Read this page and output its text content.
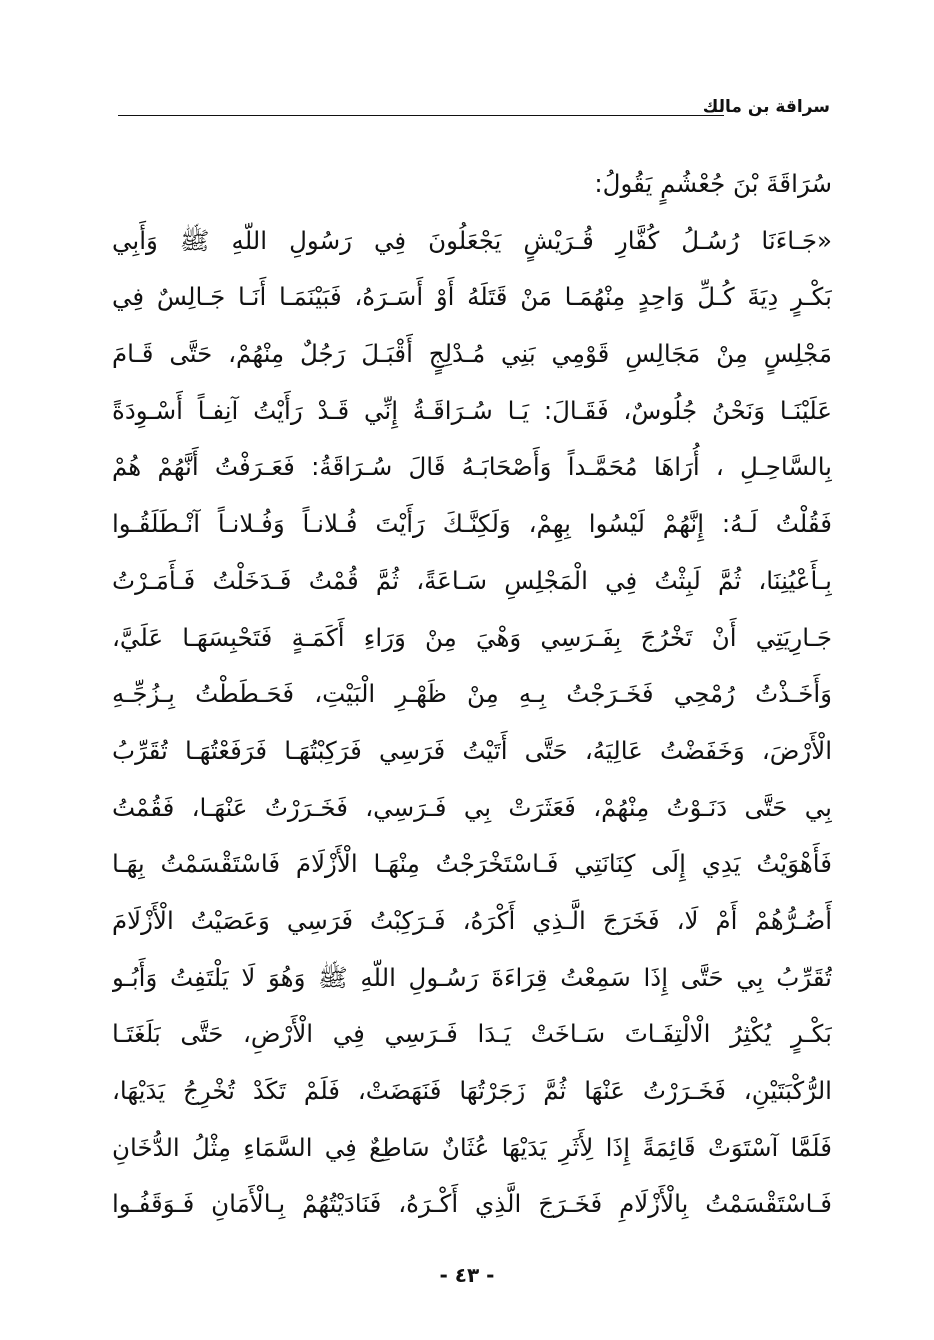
سراقة بن مالك
سُرَاقَةَ بْنَ جُعْشُمٍ يَقُولُ:
«جَـاءَنَا رُسُـلُ كُفَّارِ قُـرَيْشٍ يَجْعَلُونَ فِي رَسُولِ اللّهِ ﷺ وَأَبِي
بَكْـرٍ دِيَةَ كُـلِّ وَاحِدٍ مِنْهُمَـا مَنْ قَتَلَهُ أَوْ أَسَـرَهُ، فَبَيْنَمَـا أَنَـا جَـالِسٌ فِي
مَجْلِسٍ مِنْ مَجَالِسِ قَوْمِي بَنِي مُـدْلِجٍ أَقْبَـلَ رَجُلٌ مِنْهُمْ، حَتَّى قَـامَ
عَلَيْنَـا وَنَحْنُ جُلُوسٌ، فَقَـالَ: يَـا سُـرَاقَـةُ إِنِّي قَـدْ رَأَيْتُ آنِفـاً أَسْـوِدَةً
بِالسَّاحِـلِ ، أُرَاهَا مُحَمَّـداً وَأَصْحَابَـهُ قَالَ سُـرَاقَةُ: فَعَـرَفْتُ أَنَّهُمْ هُمْ
فَقُلْتُ لَـهُ: إِنَّهُمْ لَيْسُوا بِهِمْ، وَلَكِنَّـكَ رَأَيْتَ فُـلانـاً وَفُـلانـاً آنْـطَلَقُـوا
بِـأَعْيُنِنَا، ثُمَّ لَبِثْتُ فِي الْمَجْلِسِ سَـاعَةً، ثُمَّ قُمْتُ فَـدَخَلْتُ فَـأَمَـرْتُ
جَـارِيَتِي أَنْ تَخْرُجَ بِفَـرَسِي وَهْيَ مِنْ وَرَاءِ أَكَمَـةٍ فَتَحْبِسَهَـا عَلَيَّ،
وَأَخَـذْتُ رُمْحِي فَخَـرَجْتُ بِـهِ مِنْ ظَهْـرِ الْبَيْتِ، فَحَـطَطْتُ بِـزُجِّـهِ
الْأَرْضَ، وَخَفَضْتُ عَالِيَهُ، حَتَّى أَتَيْتُ فَرَسِي فَرَكِبْتُهَـا فَرَفَعْتُهَـا تُقَرِّبُ
بِي حَتَّى دَنَـوْتُ مِنْهُمْ، فَعَثَرَتْ بِي فَـرَسِي، فَخَـرَرْتُ عَنْهَـا، فَقُمْتُ
فَأَهْوَيْتُ يَدِي إِلَى كِنَانَتِي فَـاسْتَخْرَجْتُ مِنْهَـا الْأَزْلَامَ فَاسْتَقْسَمْتُ بِهَـا
أَضُـرُّهُمْ أَمْ لَا، فَخَرَجَ الَّـذِي أَكْرَهُ، فَـرَكِبْتُ فَرَسِي وَعَصَيْتُ الْأَزْلَامَ
تُقَرِّبُ بِي حَتَّى إِذَا سَمِعْتُ قِرَاءَةَ رَسُـولِ اللّهِ ﷺ وَهُوَ لَا يَلْتَفِتُ وَأَبُـو
بَكْـرٍ يُكْثِرُ الْالْتِفَـاتَ سَـاخَتْ يَـدَا فَـرَسِي فِي الْأَرْضِ، حَتَّى بَلَغَتَـا
الرُّكْبَتَيْنِ، فَخَـرَرْتُ عَنْهَا ثُمَّ زَجَرْتُهَا فَنَهَضَتْ، فَلَمْ تَكَدْ تُخْرِجُ يَدَيْهَا،
فَلَمَّا آسْتَوَتْ قَائِمَةً إِذَا لِأَثَرِ يَدَيْهَا عُثَانٌ سَاطِعٌ فِي السَّمَاءِ مِثْلُ الدُّخَانِ
فَـاسْتَقْسَمْتُ بِالْأَزْلَامِ فَخَـرَجَ الَّذِي أَكْـرَهُ، فَنَادَيْتُهُمْ بِـالْأَمَانِ فَـوَقَفُـوا
- ٤٣ -
